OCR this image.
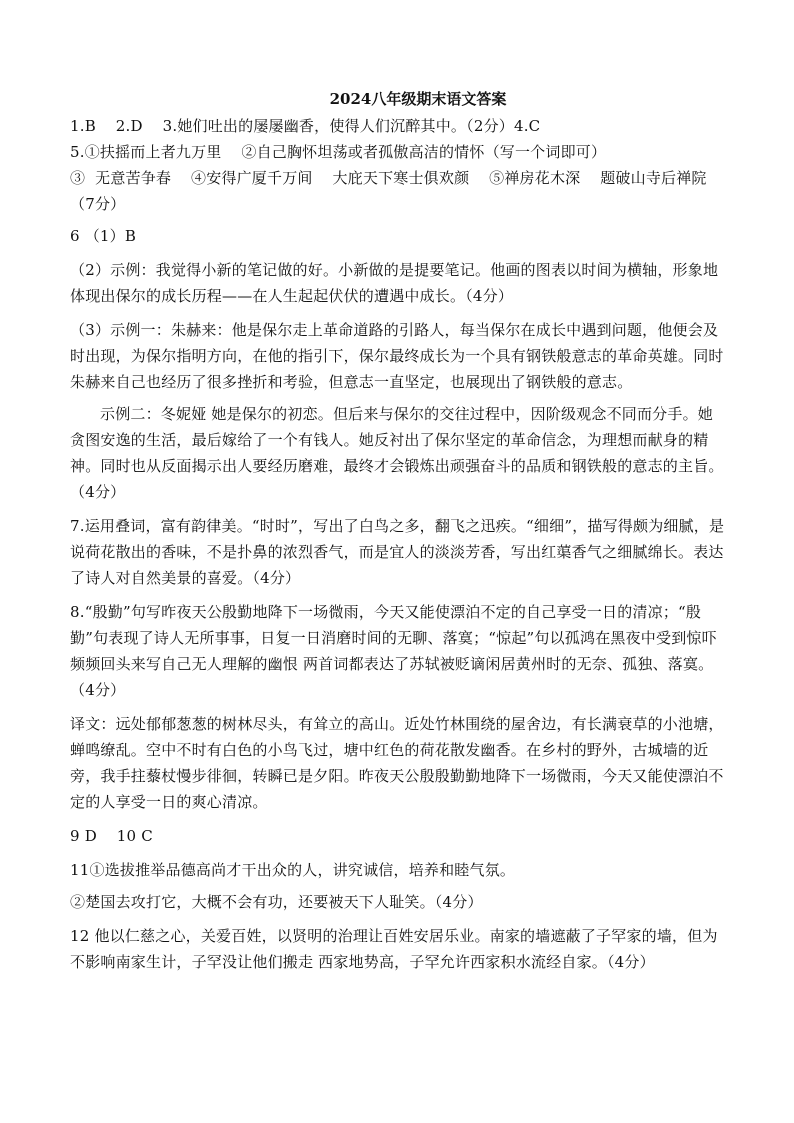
2024八年级期末语文答案

1.B    2.D    3.她们吐出的屡屡幽香，使得人们沉醉其中。（2分）4.C

5.①扶摇而上者九万里    ②自己胸怀坦荡或者孤傲高洁的情怀（写一个词即可）

③  无意苦争春    ④安得广厦千万间    大庇天下寒士俱欢颜    ⑤禅房花木深    题破山寺后禅院（7分）

6 （1）B

（2）示例：我觉得小新的笔记做的好。小新做的是提要笔记。他画的图表以时间为横轴，形象地体现出保尔的成长历程——在人生起起伏伏的遭遇中成长。（4分）

（3）示例一：朱赫来：他是保尔走上革命道路的引路人，每当保尔在成长中遇到问题，他便会及时出现，为保尔指明方向，在他的指引下，保尔最终成长为一个具有钢铁般意志的革命英雄。同时朱赫来自己也经历了很多挫折和考验，但意志一直坚定，也展现出了钢铁般的意志。

示例二：冬妮娅 她是保尔的初恋。但后来与保尔的交往过程中，因阶级观念不同而分手。她贪图安逸的生活，最后嫁给了一个有钱人。她反衬出了保尔坚定的革命信念，为理想而献身的精神。同时也从反面揭示出人要经历磨难，最终才会锻炼出顽强奋斗的品质和钢铁般的意志的主旨。（4分）

7.运用叠词，富有韵律美。“时时”，写出了白鸟之多，翻飞之迅疾。“细细”，描写得颇为细腻，是说荷花散出的香味，不是扑鼻的浓烈香气，而是宜人的淡淡芳香，写出红蕖香气之细腻绵长。表达了诗人对自然美景的喜爱。（4分）

8.“殷勤”句写昨夜天公殷勤地降下一场微雨，今天又能使漂泊不定的自己享受一日的清凉；“殷勤”句表现了诗人无所事事，日复一日消磨时间的无聊、落寞；“惊起”句以孤鸿在黑夜中受到惊吓频频回头来写自己无人理解的幽恨 两首词都表达了苏轼被贬谪闲居黄州时的无奈、孤独、落寞。（4分）

译文：远处郁郁葱葱的树林尽头，有耸立的高山。近处竹林围绕的屋舍边，有长满衰草的小池塘，蝉鸣缭乱。空中不时有白色的小鸟飞过，塘中红色的荷花散发幽香。在乡村的野外，古城墙的近旁，我手拄藜杖慢步徘徊，转瞬已是夕阳。昨夜天公殷殷勤勤地降下一场微雨，今天又能使漂泊不定的人享受一日的爽心清凉。

9 D    10 C

11①选拔推举品德高尚才干出众的人，讲究诚信，培养和睦气氛。

②楚国去攻打它，大概不会有功，还要被天下人耻笑。（4分）

12 他以仁慈之心，关爱百姓，以贤明的治理让百姓安居乐业。南家的墙遮蔽了子罕家的墙，但为不影响南家生计，子罕没让他们搬走 西家地势高，子罕允许西家积水流经自家。（4分）
